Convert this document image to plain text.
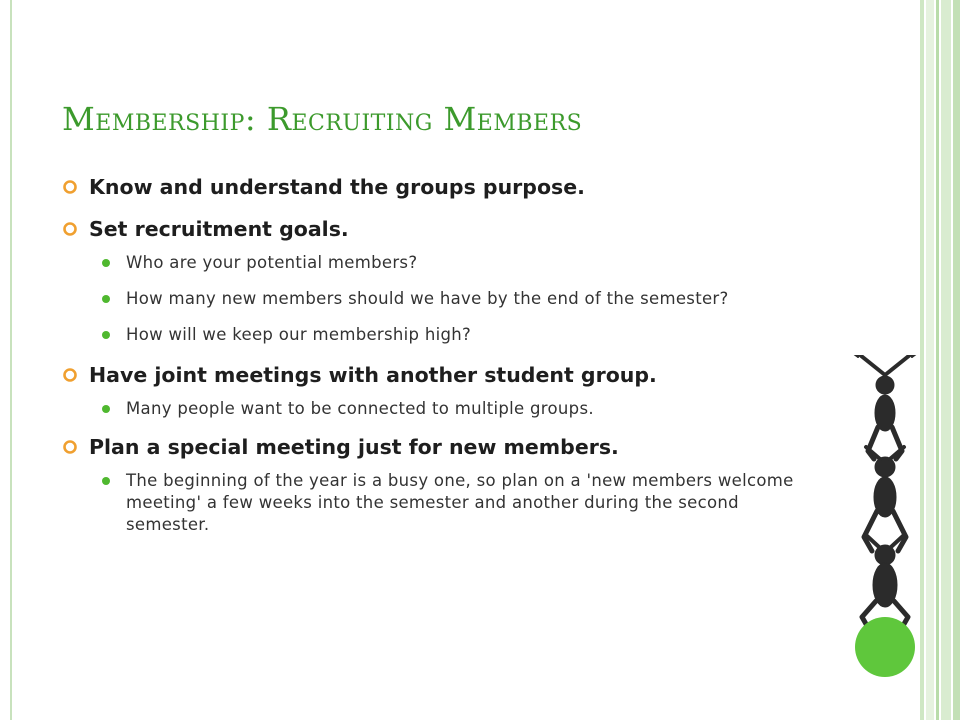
Membership: Recruiting Members
Know and understand the groups purpose.
Set recruitment goals.
Who are your potential members?
How many new members should we have by the end of the semester?
How will we keep our membership high?
Have joint meetings with another student group.
Many people want to be connected to multiple groups.
Plan a special meeting just for new members.
The beginning of the year is a busy one, so plan on a 'new members welcome meeting' a few weeks into the semester and another during the second semester.
